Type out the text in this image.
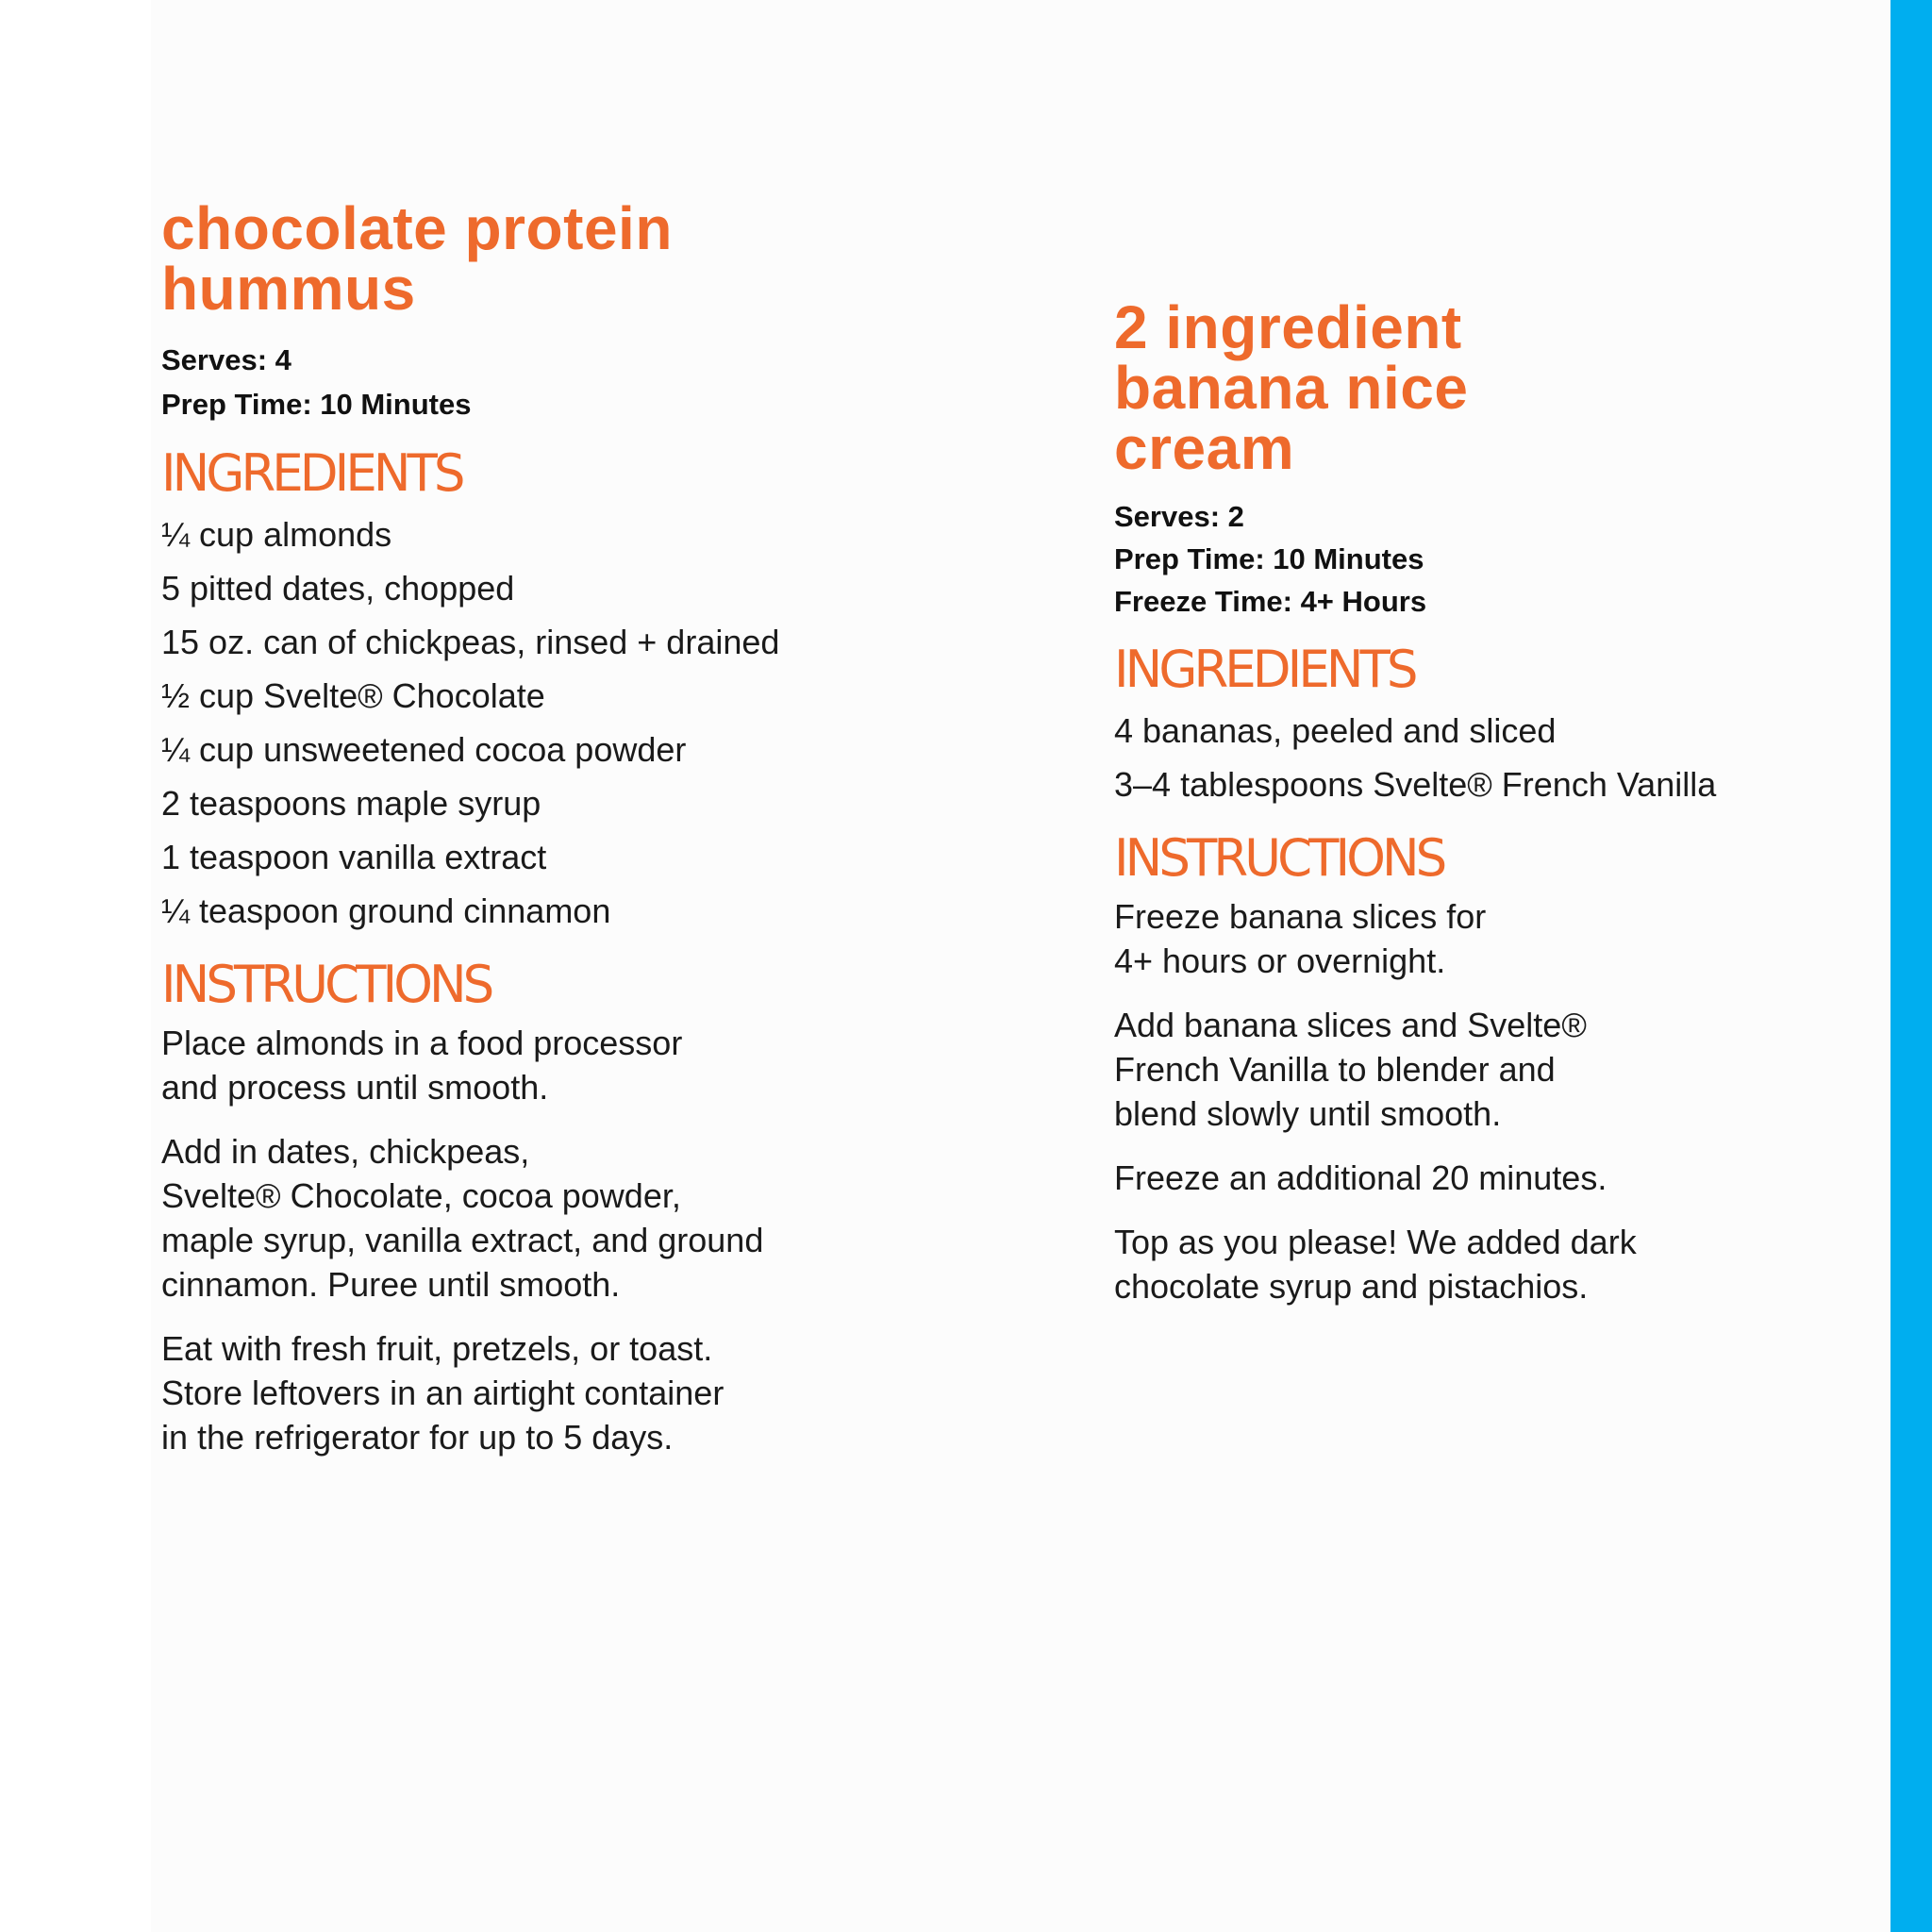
chocolate protein
hummus
Serves: 4
Prep Time: 10 Minutes
INGREDIENTS
¼ cup almonds
5 pitted dates, chopped
15 oz. can of chickpeas, rinsed + drained
½ cup Svelte® Chocolate
¼ cup unsweetened cocoa powder
2 teaspoons maple syrup
1 teaspoon vanilla extract
¼ teaspoon ground cinnamon
INSTRUCTIONS

Place almonds in a food processor
and process until smooth.

Add in dates, chickpeas,
Svelte® Chocolate, cocoa powder,
maple syrup, vanilla extract, and ground
cinnamon. Puree until smooth.

Eat with fresh fruit, pretzels, or toast.
Store leftovers in an airtight container
in the refrigerator for up to 5 days.

2 ingredient
banana nice
cream
Serves: 2
Prep Time: 10 Minutes
Freeze Time: 4+ Hours
INGREDIENTS
4 bananas, peeled and sliced
3–4 tablespoons Svelte® French Vanilla
INSTRUCTIONS

Freeze banana slices for
4+ hours or overnight.

Add banana slices and Svelte®
French Vanilla to blender and
blend slowly until smooth.

Freeze an additional 20 minutes.

Top as you please! We added dark
chocolate syrup and pistachios.
